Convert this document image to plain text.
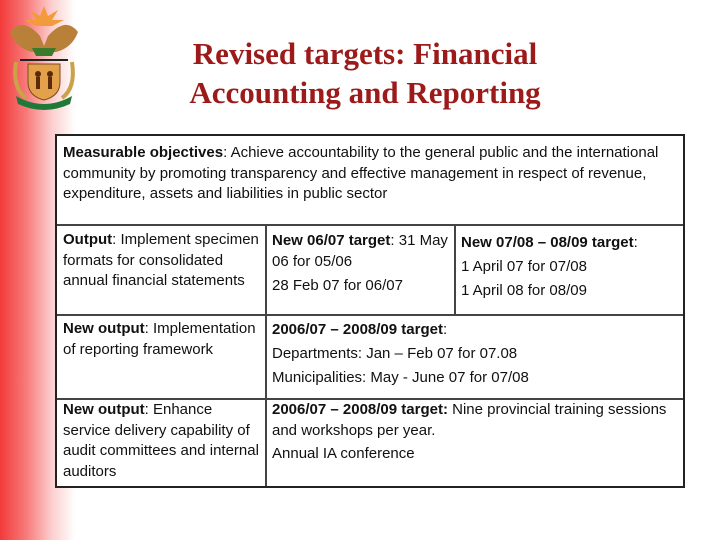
Revised targets: Financial
Accounting and Reporting
Measurable objectives: Achieve accountability to the general public and the international community by promoting transparency and effective management in respect of revenue, expenditure, assets and liabilities in public sector
Output: Implement specimen formats for consolidated annual financial statements

New 06/07 target: 31 May 06 for 05/06

28 Feb 07 for 06/07

New 07/08 – 08/09 target:

1 April 07 for 07/08

1 April 08 for 08/09

New output: Implementation of reporting framework

2006/07 – 2008/09 target:

Departments: Jan – Feb 07 for 07.08

Municipalities: May - June 07 for 07/08

New output: Enhance service delivery capability of audit committees and internal auditors

2006/07 – 2008/09 target: Nine provincial training sessions and workshops per year.

Annual IA conference
